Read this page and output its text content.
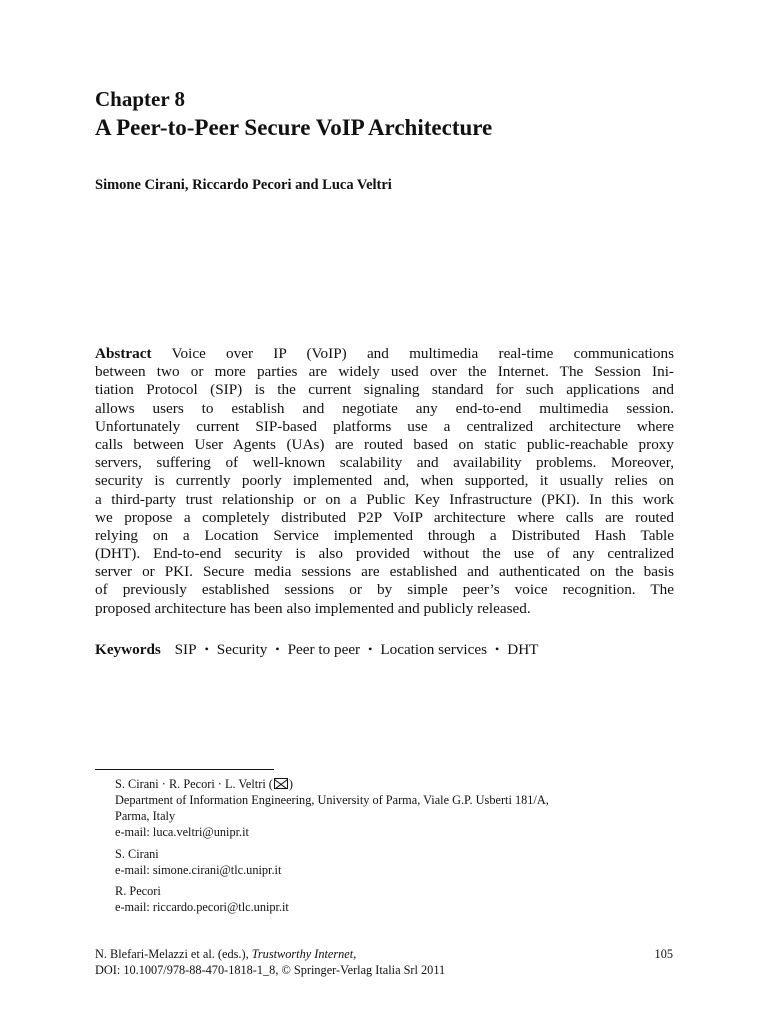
Chapter 8
A Peer-to-Peer Secure VoIP Architecture
Simone Cirani, Riccardo Pecori and Luca Veltri
Abstract Voice over IP (VoIP) and multimedia real-time communications
between two or more parties are widely used over the Internet. The Session Ini-
tiation Protocol (SIP) is the current signaling standard for such applications and
allows users to establish and negotiate any end-to-end multimedia session.
Unfortunately current SIP-based platforms use a centralized architecture where
calls between User Agents (UAs) are routed based on static public-reachable proxy
servers, suffering of well-known scalability and availability problems. Moreover,
security is currently poorly implemented and, when supported, it usually relies on
a third-party trust relationship or on a Public Key Infrastructure (PKI). In this work
we propose a completely distributed P2P VoIP architecture where calls are routed
relying on a Location Service implemented through a Distributed Hash Table
(DHT). End-to-end security is also provided without the use of any centralized
server or PKI. Secure media sessions are established and authenticated on the basis
of previously established sessions or by simple peer’s voice recognition. The
proposed architecture has been also implemented and publicly released.
Keywords SIP • Security • Peer to peer • Location services • DHT
S. Cirani · R. Pecori · L. Veltri ( )
Department of Information Engineering, University of Parma, Viale G.P. Usberti 181/A,
Parma, Italy
e-mail: luca.veltri@unipr.it
S. Cirani
e-mail: simone.cirani@tlc.unipr.it
R. Pecori
e-mail: riccardo.pecori@tlc.unipr.it
N. Blefari-Melazzi et al. (eds.), Trustworthy Internet,
DOI: 10.1007/978-88-470-1818-1_8, © Springer-Verlag Italia Srl 2011
105
